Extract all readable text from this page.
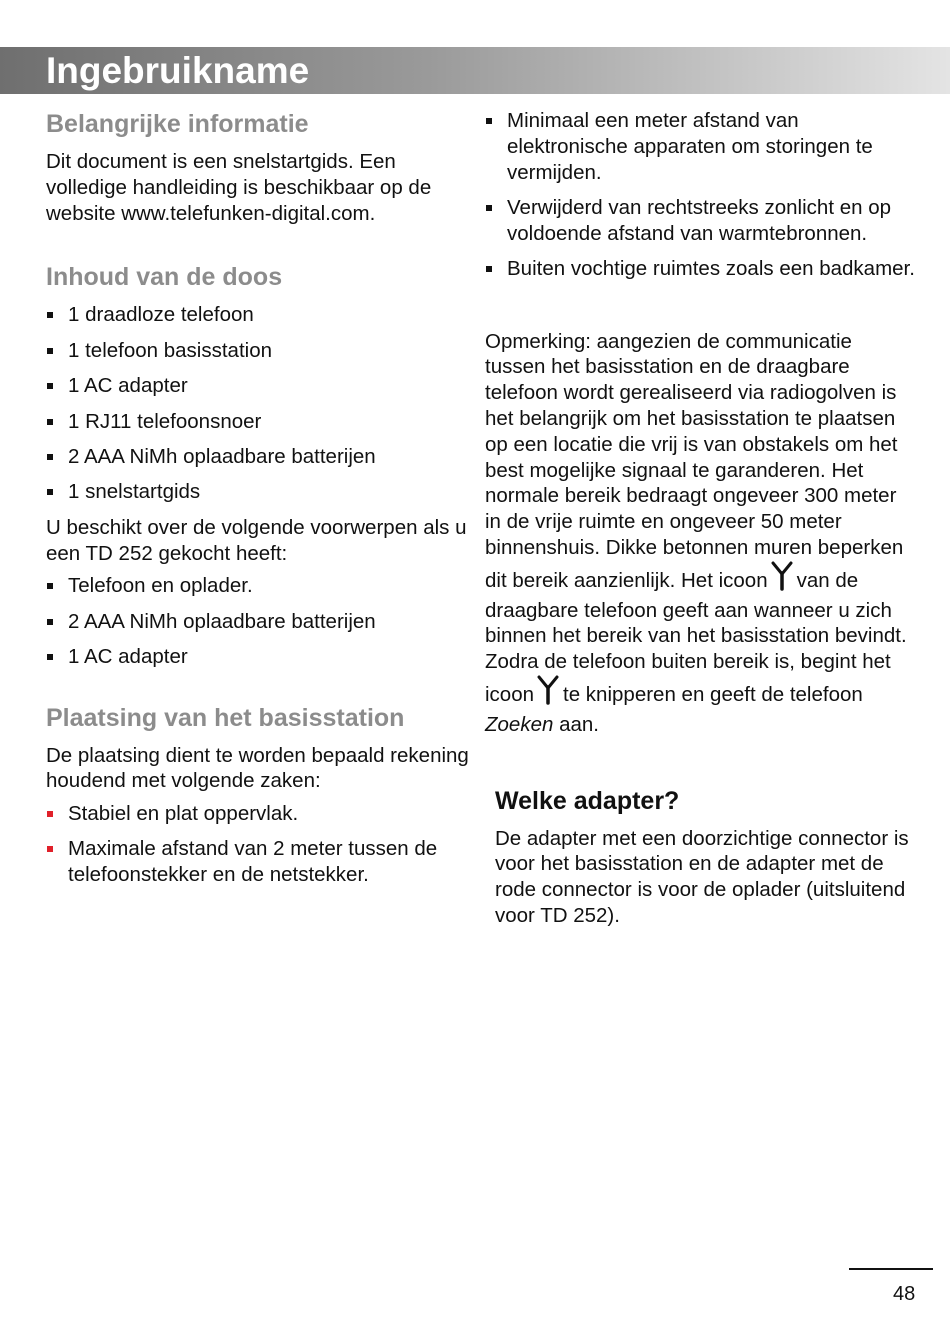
Ingebruikname
Belangrijke informatie

Dit document is een snelstartgids. Een volledige handleiding is beschikbaar op de website www.telefunken-digital.com.

Inhoud van de doos
1 draadloze telefoon
1 telefoon basisstation
1 AC adapter
1 RJ11 telefoonsnoer
2 AAA NiMh oplaadbare batterijen
1 snelstartgids

U beschikt over de volgende voorwerpen als u een TD 252 gekocht heeft:

Telefoon en oplader.
2 AAA NiMh oplaadbare batterijen
1 AC adapter
Plaatsing van het basisstation

De plaatsing dient te worden bepaald rekening houdend met volgende zaken:

Stabiel en plat oppervlak.
Maximale afstand van 2 meter tussen de telefoonstekker en de netstekker.
Minimaal een meter afstand van elektronische apparaten om storingen te vermijden.
Verwijderd van rechtstreeks zonlicht en op voldoende afstand van warmtebronnen.
Buiten vochtige ruimtes zoals een badkamer.

Opmerking: aangezien de communicatie tussen het basisstation en de draagbare telefoon wordt gerealiseerd via radiogolven is het belangrijk om het basisstation te plaatsen op een locatie die vrij is van obstakels om het best mogelijke signaal te garanderen. Het normale bereik bedraagt ongeveer 300 meter in de vrije ruimte en ongeveer 50 meter binnenshuis. Dikke betonnen muren beperken dit bereik aanzienlijk. Het icoon van de draagbare telefoon geeft aan wanneer u zich binnen het bereik van het basisstation bevindt. Zodra de telefoon buiten bereik is, begint het icoon te knipperen en geeft de telefoon Zoeken aan.

Welke adapter?

De adapter met een doorzichtige connector is voor het basisstation en de adapter met de rode connector is voor de oplader (uitsluitend voor TD 252).

48
